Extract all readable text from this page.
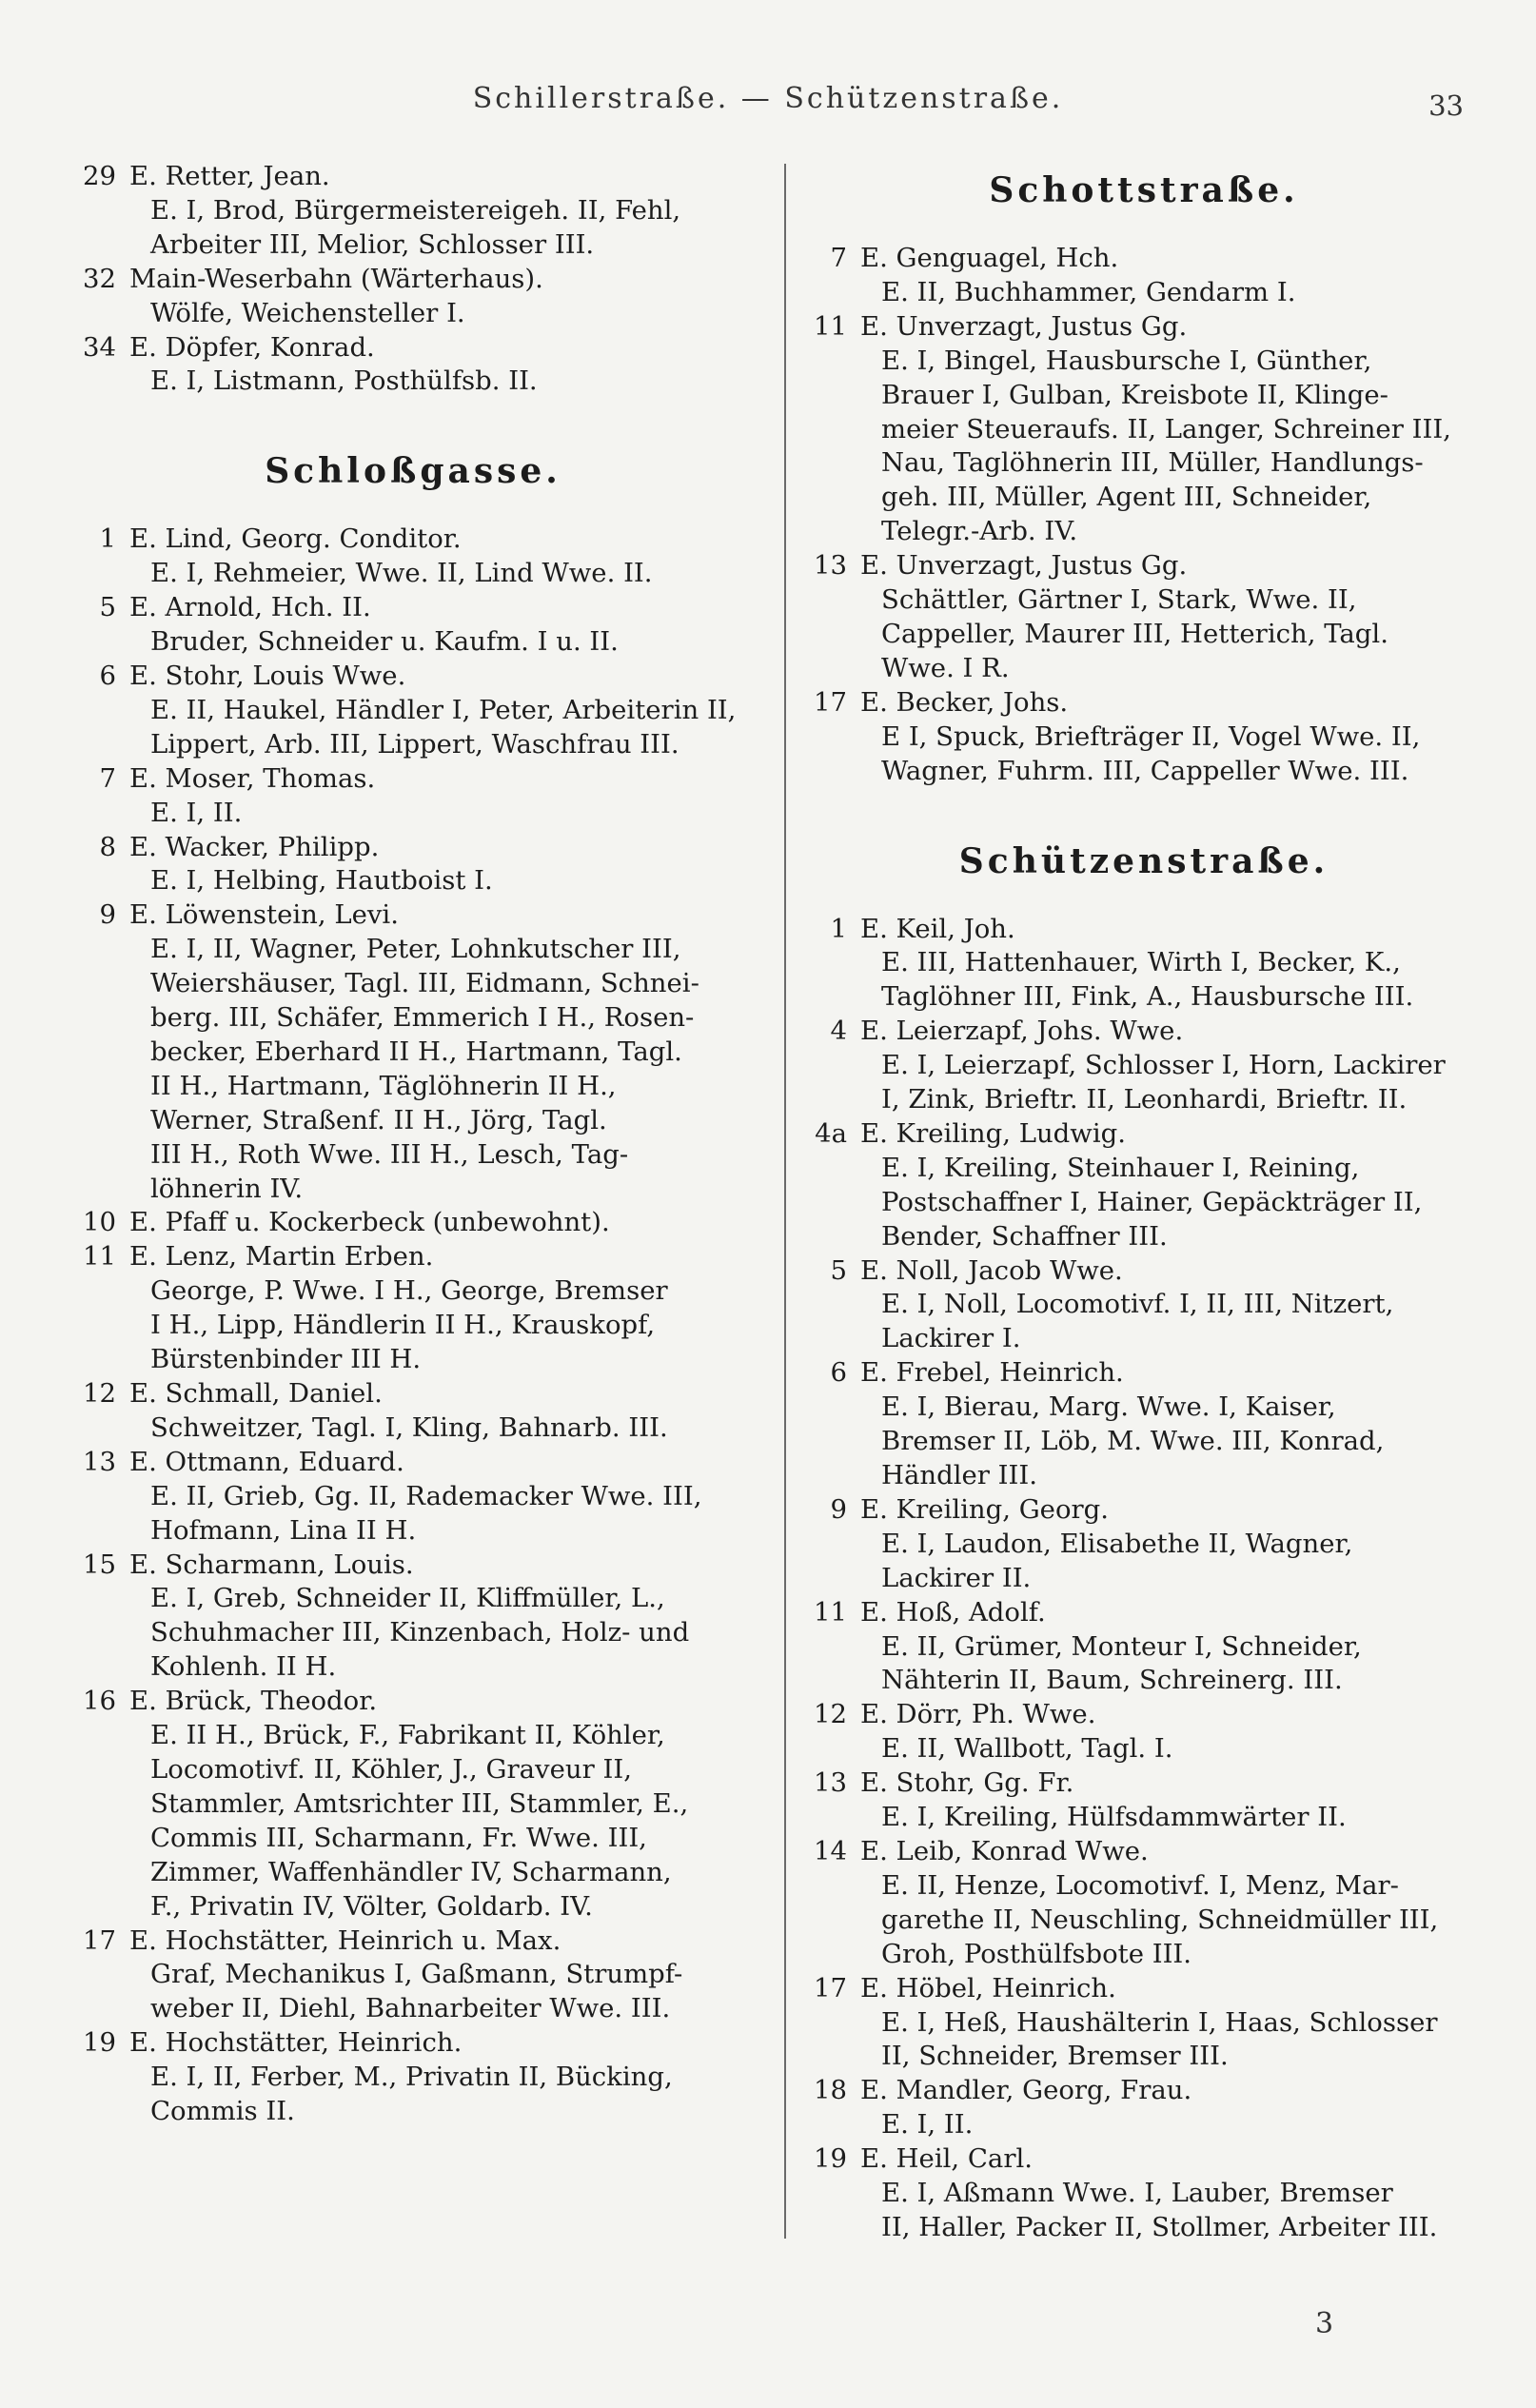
Schillerstraße. — Schützenstraße.	33
29 E. Retter, Jean.
E. I, Brod, Bürgermeistereigeh. II, Fehl,
Arbeiter III, Melior, Schlosser III.
32 Main-Weserbahn (Wärterhaus).
Wölfe, Weichensteller I.
34 E. Döpfer, Konrad.
E. I, Listmann, Posthülfsb. II.
Schloßgasse.
1 E. Lind, Georg. Conditor.
E. I, Rehmeier, Wwe. II, Lind Wwe. II.
5 E. Arnold, Hch. II.
Bruder, Schneider u. Kaufm. I u. II.
6 E. Stohr, Louis Wwe.
E. II, Haukel, Händler I, Peter, Arbeiterin II,
Lippert, Arb. III, Lippert, Waschfrau III.
7 E. Moser, Thomas.
E. I, II.
8 E. Wacker, Philipp.
E. I, Helbing, Hautboist I.
9 E. Löwenstein, Levi.
E. I, II, Wagner, Peter, Lohnkutscher III,
Weiershäuser, Tagl. III, Eidmann, Schnei-
berg. III, Schäfer, Emmerich I H., Rosen-
becker, Eberhard II H., Hartmann, Tagl.
II H., Hartmann, Täglöhnerin II H.,
Werner, Straßenf. II H., Jörg, Tagl.
III H., Roth Wwe. III H., Lesch, Tag-
löhnerin IV.
10 E. Pfaff u. Kockerbeck (unbewohnt).
11 E. Lenz, Martin Erben.
George, P. Wwe. I H., George, Bremser
I H., Lipp, Händlerin II H., Krauskopf,
Bürstenbinder III H.
12 E. Schmall, Daniel.
Schweitzer, Tagl. I, Kling, Bahnarb. III.
13 E. Ottmann, Eduard.
E. II, Grieb, Gg. II, Rademacker Wwe. III,
Hofmann, Lina II H.
15 E. Scharmann, Louis.
E. I, Greb, Schneider II, Kliffmüller, L.,
Schuhmacher III, Kinzenbach, Holz- und
Kohlenh. II H.
16 E. Brück, Theodor.
E. II H., Brück, F., Fabrikant II, Köhler,
Locomotivf. II, Köhler, J., Graveur II,
Stammler, Amtsrichter III, Stammler, E.,
Commis III, Scharmann, Fr. Wwe. III,
Zimmer, Waffenhändler IV, Scharmann,
F., Privatin IV, Völter, Goldarb. IV.
17 E. Hochstätter, Heinrich u. Max.
Graf, Mechanikus I, Gaßmann, Strumpf-
weber II, Diehl, Bahnarbeiter Wwe. III.
19 E. Hochstätter, Heinrich.
E. I, II, Ferber, M., Privatin II, Bücking,
Commis II.
Schottstraße.
7 E. Genguagel, Hch.
E. II, Buchhammer, Gendarm I.
11 E. Unverzagt, Justus Gg.
E. I, Bingel, Hausbursche I, Günther,
Brauer I, Gulban, Kreisbote II, Klinge-
meier Steueraufs. II, Langer, Schreiner III,
Nau, Taglöhnerin III, Müller, Handlungs-
geh. III, Müller, Agent III, Schneider,
Telegr.-Arb. IV.
13 E. Unverzagt, Justus Gg.
Schättler, Gärtner I, Stark, Wwe. II,
Cappeller, Maurer III, Hetterich, Tagl.
Wwe. I R.
17 E. Becker, Johs.
E I, Spuck, Briefträger II, Vogel Wwe. II,
Wagner, Fuhrm. III, Cappeller Wwe. III.
Schützenstraße.
1 E. Keil, Joh.
E. III, Hattenhauer, Wirth I, Becker, K.,
Taglöhner III, Fink, A., Hausbursche III.
4 E. Leierzapf, Johs. Wwe.
E. I, Leierzapf, Schlosser I, Horn, Lackirer
I, Zink, Brieftr. II, Leonhardi, Brieftr. II.
4a E. Kreiling, Ludwig.
E. I, Kreiling, Steinhauer I, Reining,
Postschaffner I, Hainer, Gepäckträger II,
Bender, Schaffner III.
5 E. Noll, Jacob Wwe.
E. I, Noll, Locomotivf. I, II, III, Nitzert,
Lackirer I.
6 E. Frebel, Heinrich.
E. I, Bierau, Marg. Wwe. I, Kaiser,
Bremser II, Löb, M. Wwe. III, Konrad,
Händler III.
9 E. Kreiling, Georg.
E. I, Laudon, Elisabethe II, Wagner,
Lackirer II.
11 E. Hoß, Adolf.
E. II, Grümer, Monteur I, Schneider,
Nähterin II, Baum, Schreinerg. III.
12 E. Dörr, Ph. Wwe.
E. II, Wallbott, Tagl. I.
13 E. Stohr, Gg. Fr.
E. I, Kreiling, Hülfsdammwärter II.
14 E. Leib, Konrad Wwe.
E. II, Henze, Locomotivf. I, Menz, Mar-
garethe II, Neuschling, Schneidmüller III,
Groh, Posthülfsbote III.
17 E. Höbel, Heinrich.
E. I, Heß, Haushälterin I, Haas, Schlosser
II, Schneider, Bremser III.
18 E. Mandler, Georg, Frau.
E. I, II.
19 E. Heil, Carl.
E. I, Aßmann Wwe. I, Lauber, Bremser
II, Haller, Packer II, Stollmer, Arbeiter III.
3
